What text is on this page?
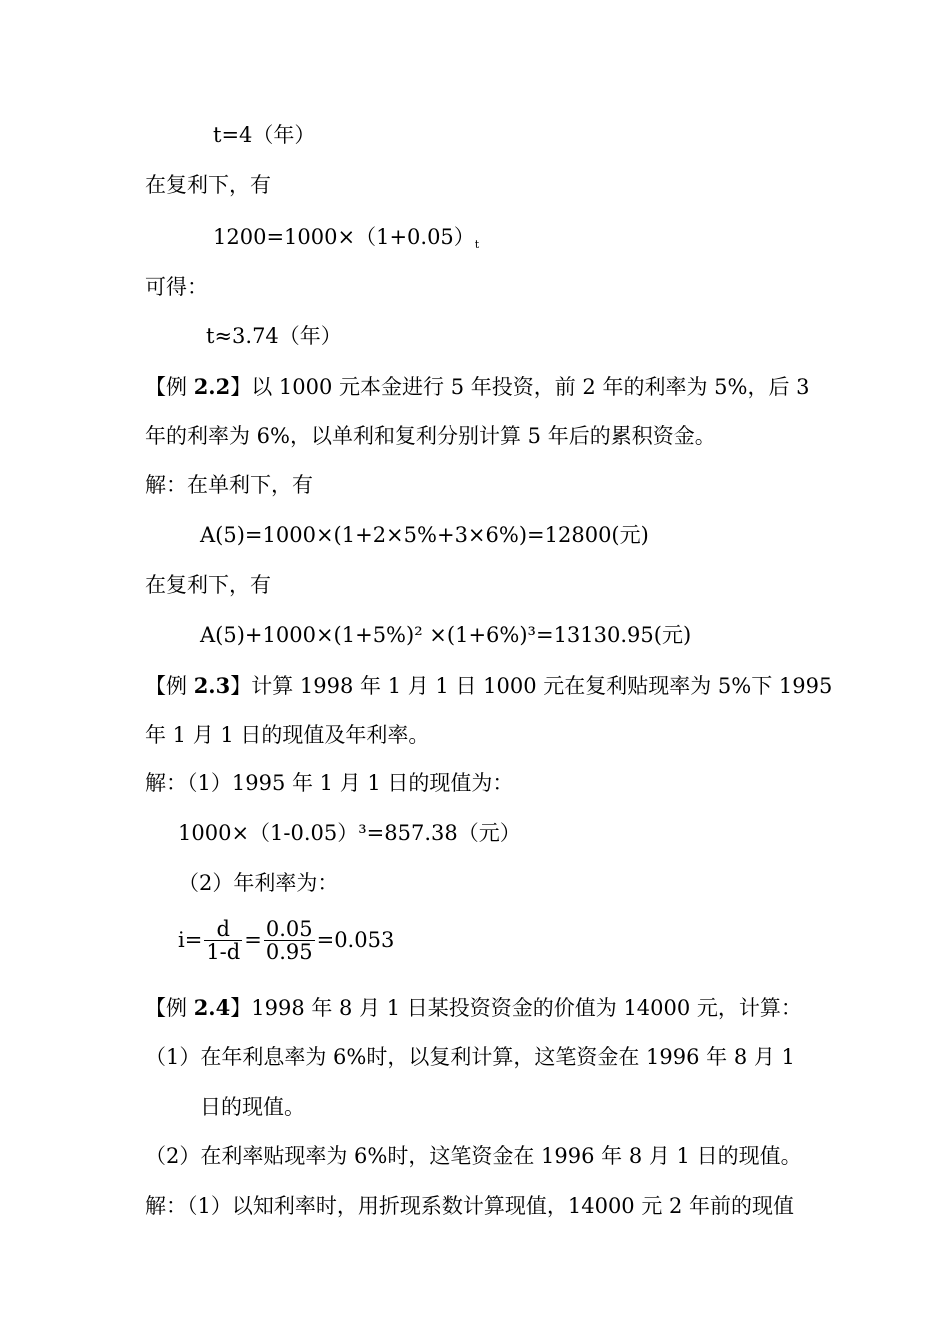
t=4（年）
在复利下，有
1200=1000×（1+0.05）t
可得：
t≈3.74（年）
【例 2.2】以 1000 元本金进行 5 年投资，前 2 年的利率为 5%，后 3
年的利率为 6%，以单利和复利分别计算 5 年后的累积资金。
解：在单利下，有
A(5)=1000×(1+2×5%+3×6%)=12800(元)
在复利下，有
A(5)+1000×(1+5%)² ×(1+6%)³=13130.95(元)
【例 2.3】计算 1998 年 1 月 1 日 1000 元在复利贴现率为 5%下 1995
年 1 月 1 日的现值及年利率。
解：（1）1995 年 1 月 1 日的现值为：
1000×（1-0.05）³=857.38（元）
（2）年利率为：
$i= \frac{d}{1-d} = \frac{0.05}{0.95} =0.053$
【例 2.4】1998 年 8 月 1 日某投资资金的价值为 14000 元，计算：
（1）在年利息率为 6%时，以复利计算，这笔资金在 1996 年 8 月 1
日的现值。
（2）在利率贴现率为 6%时，这笔资金在 1996 年 8 月 1 日的现值。
解：（1）以知利率时，用折现系数计算现值，14000 元 2 年前的现值
